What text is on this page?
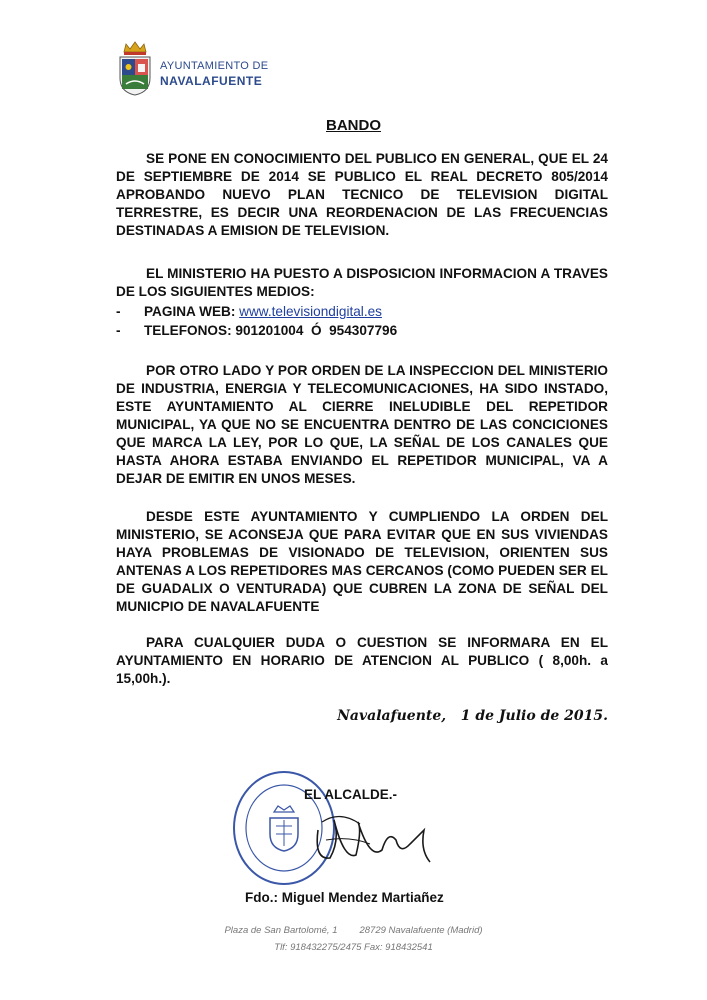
AYUNTAMIENTO DE
NAVALAFUENTE
BANDO
SE PONE EN CONOCIMIENTO DEL PUBLICO EN GENERAL, QUE EL 24 DE SEPTIEMBRE DE 2014 SE PUBLICO EL REAL DECRETO 805/2014 APROBANDO NUEVO PLAN TECNICO DE TELEVISION DIGITAL TERRESTRE, ES DECIR UNA REORDENACION DE LAS FRECUENCIAS DESTINADAS A EMISION DE TELEVISION.
EL MINISTERIO HA PUESTO A DISPOSICION INFORMACION A TRAVES DE LOS SIGUIENTES MEDIOS:
- PAGINA WEB: www.televisiondigital.es
- TELEFONOS: 901201004  Ó  954307796
POR OTRO LADO Y POR ORDEN DE LA INSPECCION DEL MINISTERIO DE INDUSTRIA, ENERGIA Y TELECOMUNICACIONES, HA SIDO INSTADO, ESTE AYUNTAMIENTO AL CIERRE INELUDIBLE DEL REPETIDOR MUNICIPAL, YA QUE NO SE ENCUENTRA DENTRO DE LAS CONCICIONES QUE MARCA LA LEY, POR LO QUE, LA SEÑAL DE LOS CANALES QUE HASTA AHORA ESTABA ENVIANDO EL REPETIDOR MUNICIPAL, VA A DEJAR DE EMITIR EN UNOS MESES.
DESDE ESTE AYUNTAMIENTO Y CUMPLIENDO LA ORDEN DEL MINISTERIO, SE ACONSEJA QUE PARA EVITAR QUE EN SUS VIVIENDAS HAYA PROBLEMAS DE VISIONADO DE TELEVISION, ORIENTEN SUS ANTENAS A LOS REPETIDORES MAS CERCANOS (COMO PUEDEN SER EL DE GUADALIX O VENTURADA) QUE CUBREN LA ZONA DE SEÑAL DEL MUNICPIO DE NAVALAFUENTE
PARA CUALQUIER DUDA O CUESTION SE INFORMARA EN EL AYUNTAMIENTO EN HORARIO DE ATENCION AL PUBLICO ( 8,00h. a 15,00h.).
Navalafuente,   1 de Julio de 2015.
EL ALCALDE.-
Fdo.: Miguel Mendez Martiañez
Plaza de San Bartolomé, 1 28729 Navalafuente (Madrid)
Tlf: 918432275/2475 Fax: 918432541
